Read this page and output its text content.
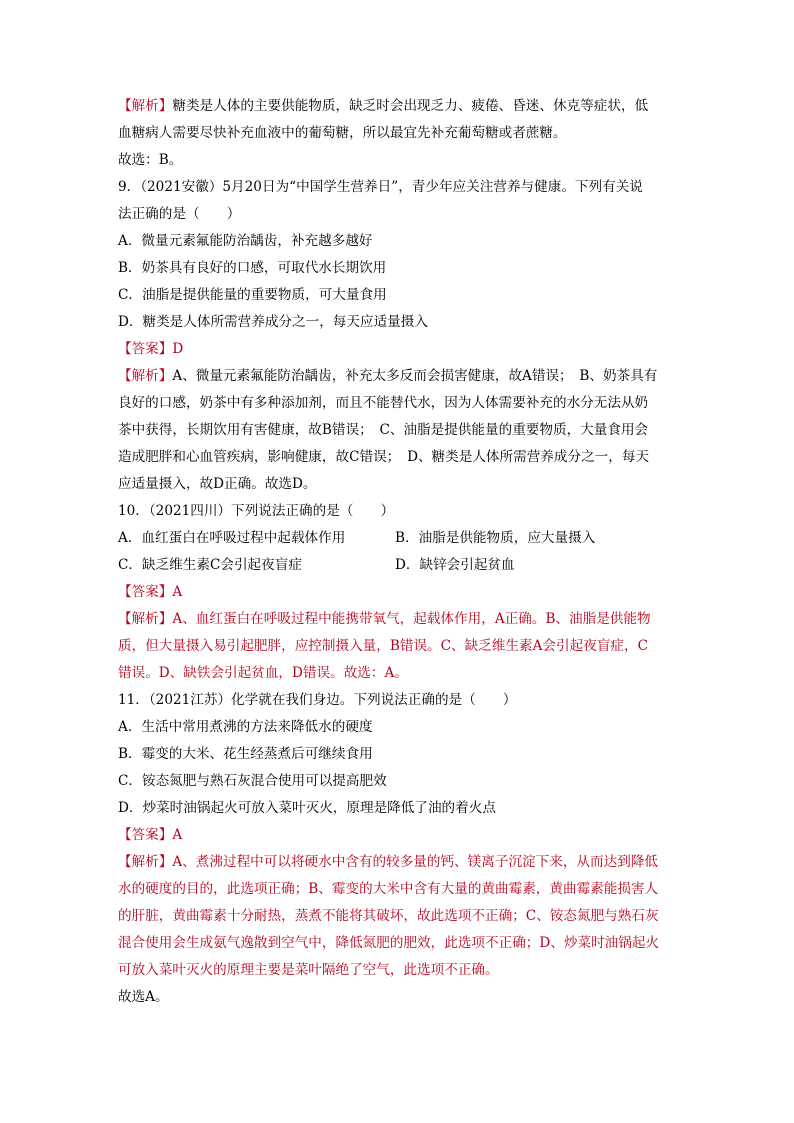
【解析】糖类是人体的主要供能物质，缺乏时会出现乏力、疲倦、昏迷、休克等症状，低
血糖病人需要尽快补充血液中的葡萄糖，所以最宜先补充葡萄糖或者蔗糖。
故选：B。
9．（2021安徽）5月20日为“中国学生营养日”，青少年应关注营养与健康。下列有关说
法正确的是（　　）
A．微量元素氟能防治龋齿，补充越多越好
B．奶茶具有良好的口感，可取代水长期饮用
C．油脂是提供能量的重要物质，可大量食用
D．糖类是人体所需营养成分之一，每天应适量摄入
【答案】D
【解析】A、微量元素氟能防治龋齿，补充太多反而会损害健康，故A错误；　B、奶茶具有
良好的口感，奶茶中有多种添加剂，而且不能替代水，因为人体需要补充的水分无法从奶
茶中获得，长期饮用有害健康，故B错误；　C、油脂是提供能量的重要物质，大量食用会
造成肥胖和心血管疾病，影响健康，故C错误；　D、糖类是人体所需营养成分之一，每天
应适量摄入，故D正确。故选D。
10．（2021四川）下列说法正确的是（　　）
A．血红蛋白在呼吸过程中起载体作用	B．油脂是供能物质，应大量摄入
C．缺乏维生素C会引起夜盲症	D．缺锌会引起贫血
【答案】A
【解析】A、血红蛋白在呼吸过程中能携带氧气，起载体作用，A正确。B、油脂是供能物
质，但大量摄入易引起肥胖，应控制摄入量，B错误。C、缺乏维生素A会引起夜盲症，C
错误。D、缺铁会引起贫血，D错误。故选：A。
11．（2021江苏）化学就在我们身边。下列说法正确的是（　　）
A．生活中常用煮沸的方法来降低水的硬度
B．霉变的大米、花生经蒸煮后可继续食用
C．铵态氮肥与熟石灰混合使用可以提高肥效
D．炒菜时油锅起火可放入菜叶灭火，原理是降低了油的着火点
【答案】A
【解析】A、煮沸过程中可以将硬水中含有的较多量的钙、镁离子沉淀下来，从而达到降低
水的硬度的目的，此选项正确；B、霉变的大米中含有大量的黄曲霉素，黄曲霉素能损害人
的肝脏，黄曲霉素十分耐热，蒸煮不能将其破坏，故此选项不正确；C、铵态氮肥与熟石灰
混合使用会生成氨气逸散到空气中，降低氮肥的肥效，此选项不正确；D、炒菜时油锅起火
可放入菜叶灭火的原理主要是菜叶隔绝了空气，此选项不正确。
故选A。
